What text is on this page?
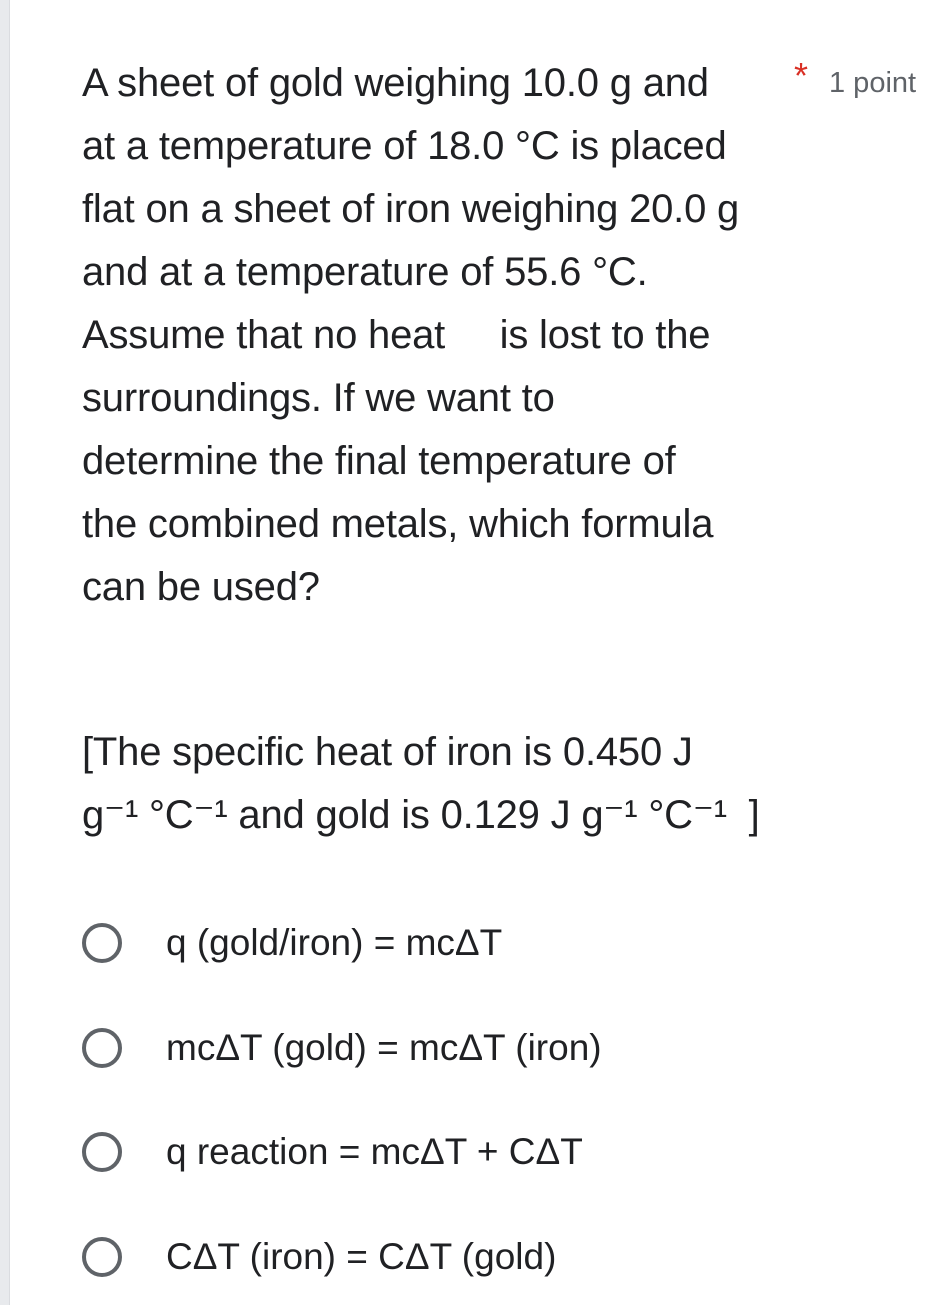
A sheet of gold weighing 10.0 g and
at a temperature of 18.0 °C is placed
flat on a sheet of iron weighing 20.0 g
and at a temperature of 55.6 °C.
Assume that no heat     is lost to the
surroundings. If we want to
determine the final temperature of
the combined metals, which formula
can be used?
* 1 point
[The specific heat of iron is 0.450 J
g⁻¹ °C⁻¹ and gold is 0.129 J g⁻¹ °C⁻¹  ]
q (gold/iron) = mcΔT
mcΔT (gold) = mcΔT (iron)
q reaction = mcΔT + CΔT
CΔT (iron) = CΔT (gold)
